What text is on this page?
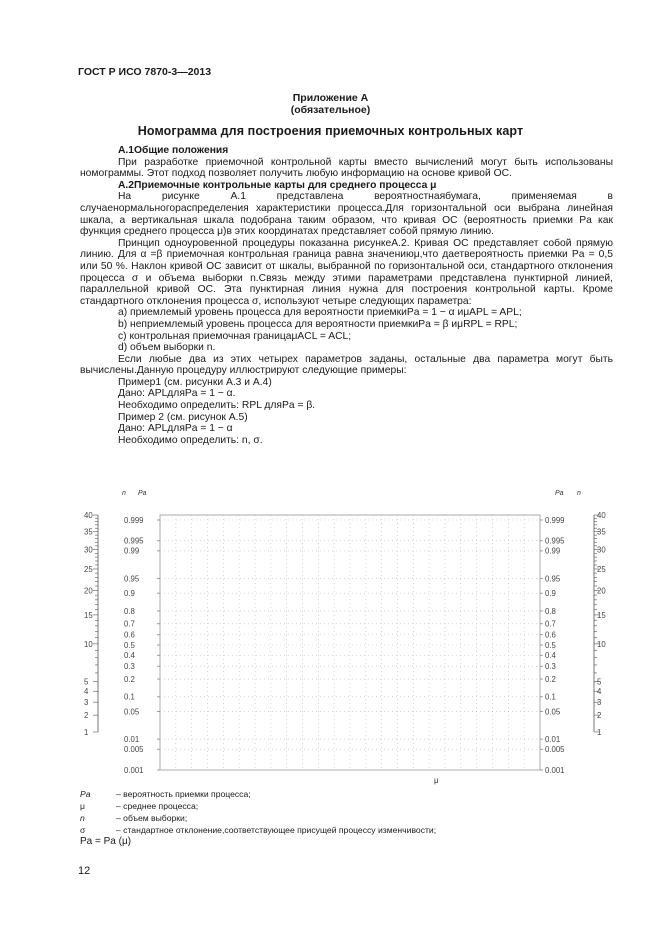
ГОСТ Р ИСО 7870-3—2013
Приложение А
(обязательное)
Номограмма для построения приемочных контрольных карт
А.1Общие положения
При разработке приемочной контрольной карты вместо вычислений могут быть использованы номограммы. Этот подход позволяет получить любую информацию на основе кривой ОС.
А.2Приемочные контрольные карты для среднего процесса μ
На рисунке А.1 представлена вероятностнаябумага, применяемая в случаенормальногораспределения характеристики процесса.Для горизонтальной оси выбрана линейная шкала, а вертикальная шкала подобрана таким образом, что кривая ОС (вероятность приемки Pa как функция среднего процесса μ)в этих координатах представляет собой прямую линию.
Принцип одноуровенной процедуры показанна рисункеА.2. Кривая ОС представляет собой прямую линию. Для α =β приемочная контрольная граница равна значениюμ,что даетвероятность приемки Pa = 0,5 или 50 %. Наклон кривой ОС зависит от шкалы, выбранной по горизонтальной оси, стандартного отклонения процесса σ и объема выборки n.Связь между этими параметрами представлена пунктирной линией, параллельной кривой ОС. Эта пунктирная линия нужна для построения контрольной карты. Кроме стандартного отклонения процесса σ, используют четыре следующих параметра:
a) приемлемый уровень процесса для вероятности приемкиPa = 1 − α иμAPL = APL;
b) неприемлемый уровень процесса для вероятности приемкиPa = β иμRPL = RPL;
c) контрольная приемочная границаμACL = ACL;
d) объем выборки n.
Если любые два из этих четырех параметров заданы, остальные два параметра могут быть вычислены.Данную процедуру иллюстрируют следующие примеры:
Пример1 (см. рисунки А.3 и А.4)
Дано: APLдляPa = 1 − α.
Необходимо определить: RPL дляPa = β.
Пример 2 (см. рисунок А.5)
Дано: APLдляPa = 1 − α
Необходимо определить: n, σ.
n Pa	Pa n
0.999
0.995
0.99
0.95
0.9
0.8
0.7
0.6
0.5
0.4
0.3
0.2
0.1
0.05
0.01
0.005
0.001
0.999
0.995
0.99
0.95
0.9
0.8
0.7
0.6
0.5
0.4
0.3
0.2
0.1
0.05
0.01
0.005
0.001
40
35
30
25
20
15
10
5
4
3
2
1
40
35
30
25
20
15
10
5
4
3
2
1
μ
Pa	– вероятность приемки процесса;
μ	– среднее процесса;
n	– объем выборки;
σ	– стандартное отклонение,соответствующее присущей процессу изменчивости;
Pa = Pa (μ)
12
